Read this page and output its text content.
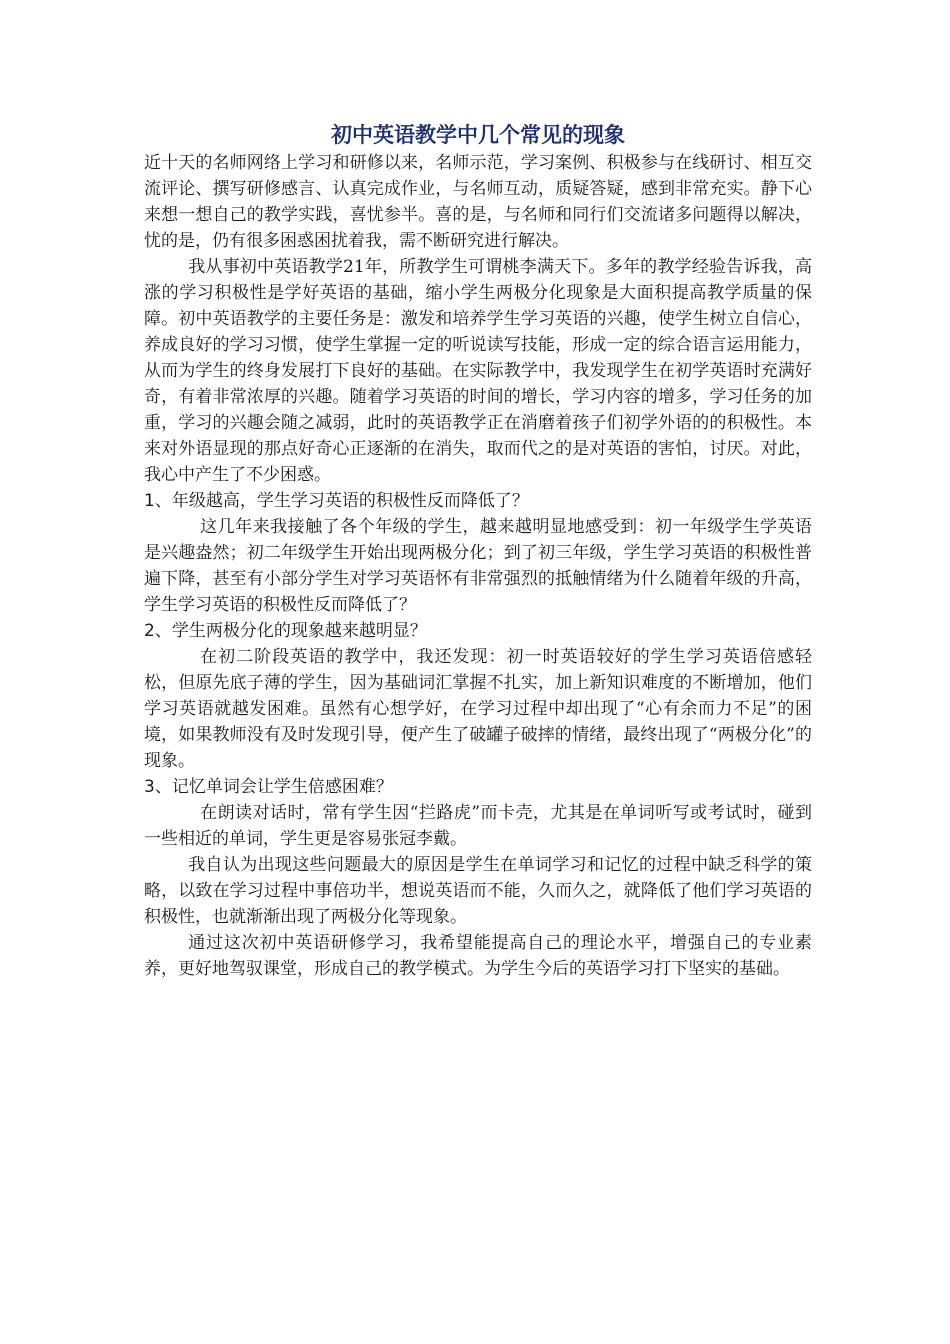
初中英语教学中几个常见的现象

近十天的名师网络上学习和研修以来，名师示范，学习案例、积极参与在线研讨、相互交流评论、撰写研修感言、认真完成作业，与名师互动，质疑答疑，感到非常充实。静下心来想一想自己的教学实践，喜忧参半。喜的是，与名师和同行们交流诸多问题得以解决，忧的是，仍有很多困惑困扰着我，需不断研究进行解决。

我从事初中英语教学21年，所教学生可谓桃李满天下。多年的教学经验告诉我，高涨的学习积极性是学好英语的基础，缩小学生两极分化现象是大面积提高教学质量的保障。初中英语教学的主要任务是：激发和培养学生学习英语的兴趣，使学生树立自信心，养成良好的学习习惯，使学生掌握一定的听说读写技能，形成一定的综合语言运用能力，从而为学生的终身发展打下良好的基础。在实际教学中，我发现学生在初学英语时充满好奇，有着非常浓厚的兴趣。随着学习英语的时间的增长，学习内容的增多，学习任务的加重，学习的兴趣会随之减弱，此时的英语教学正在消磨着孩子们初学外语的的积极性。本来对外语显现的那点好奇心正逐渐的在消失，取而代之的是对英语的害怕，讨厌。对此，我心中产生了不少困惑。

1、年级越高，学生学习英语的积极性反而降低了？

这几年来我接触了各个年级的学生，越来越明显地感受到：初一年级学生学英语是兴趣盎然；初二年级学生开始出现两极分化；到了初三年级，学生学习英语的积极性普遍下降，甚至有小部分学生对学习英语怀有非常强烈的抵触情绪为什么随着年级的升高，学生学习英语的积极性反而降低了？

2、学生两极分化的现象越来越明显？

在初二阶段英语的教学中，我还发现：初一时英语较好的学生学习英语倍感轻松，但原先底子薄的学生，因为基础词汇掌握不扎实，加上新知识难度的不断增加，他们学习英语就越发困难。虽然有心想学好，在学习过程中却出现了“心有余而力不足”的困境，如果教师没有及时发现引导，便产生了破罐子破摔的情绪，最终出现了“两极分化”的现象。

3、记忆单词会让学生倍感困难？

在朗读对话时，常有学生因“拦路虎”而卡壳，尤其是在单词听写或考试时，碰到一些相近的单词，学生更是容易张冠李戴。

我自认为出现这些问题最大的原因是学生在单词学习和记忆的过程中缺乏科学的策略，以致在学习过程中事倍功半，想说英语而不能，久而久之，就降低了他们学习英语的积极性，也就渐渐出现了两极分化等现象。

通过这次初中英语研修学习，我希望能提高自己的理论水平，增强自己的专业素养，更好地驾驭课堂，形成自己的教学模式。为学生今后的英语学习打下坚实的基础。
